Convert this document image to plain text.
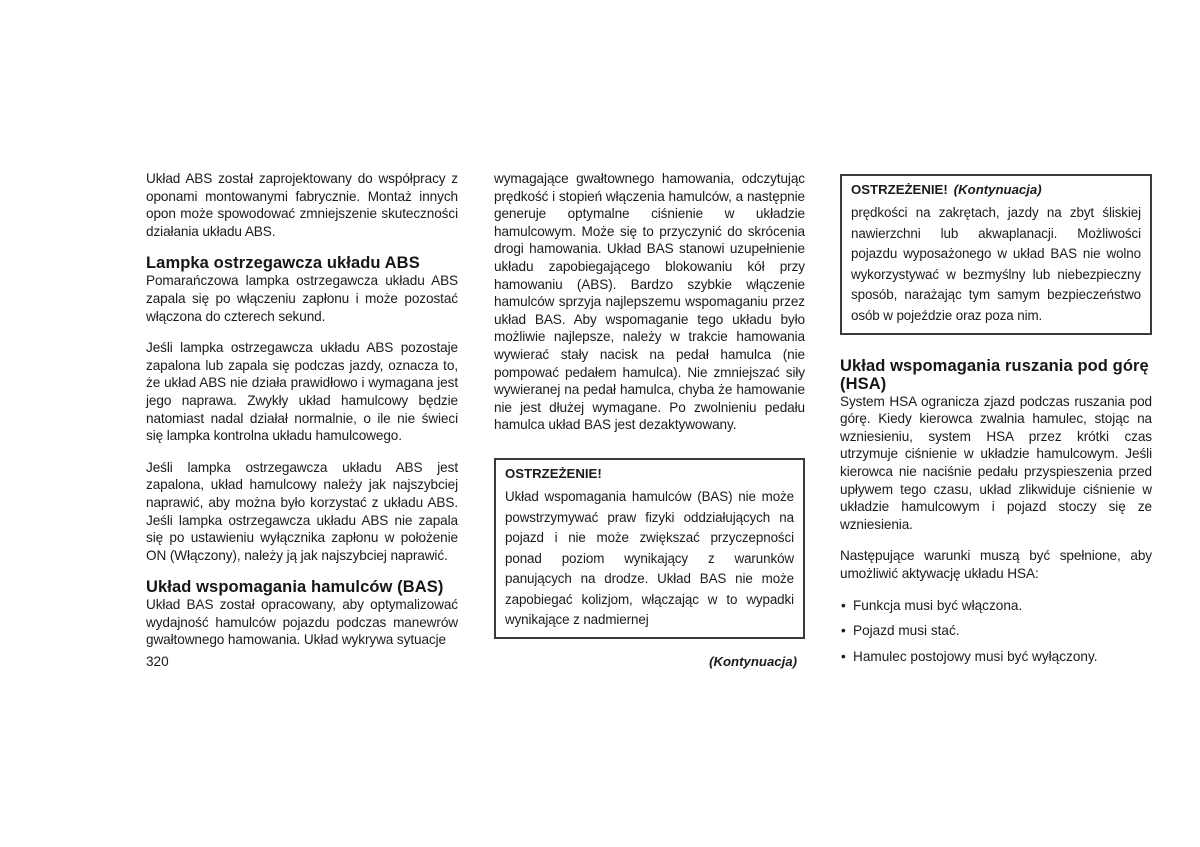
Układ ABS został zaprojektowany do współpracy z oponami montowanymi fabrycznie. Montaż innych opon może spowodować zmniejszenie skuteczności działania układu ABS.

Lampka ostrzegawcza układu ABS

Pomarańczowa lampka ostrzegawcza układu ABS zapala się po włączeniu zapłonu i może pozostać włączona do czterech sekund.

Jeśli lampka ostrzegawcza układu ABS pozostaje zapalona lub zapala się podczas jazdy, oznacza to, że układ ABS nie działa prawidłowo i wymagana jest jego naprawa. Zwykły układ hamulcowy będzie natomiast nadal działał normalnie, o ile nie świeci się lampka kontrolna układu hamulcowego.

Jeśli lampka ostrzegawcza układu ABS jest zapalona, układ hamulcowy należy jak najszybciej naprawić, aby można było korzystać z układu ABS. Jeśli lampka ostrzegawcza układu ABS nie zapala się po ustawieniu wyłącznika zapłonu w położenie ON (Włączony), należy ją jak najszybciej naprawić.

Układ wspomagania hamulców (BAS)

Układ BAS został opracowany, aby optymalizować wydajność hamulców pojazdu podczas manewrów gwałtownego hamowania. Układ wykrywa sytuacje

wymagające gwałtownego hamowania, odczytując prędkość i stopień włączenia hamulców, a następnie generuje optymalne ciśnienie w układzie hamulcowym. Może się to przyczynić do skrócenia drogi hamowania. Układ BAS stanowi uzupełnienie układu zapobiegającego blokowaniu kół przy hamowaniu (ABS). Bardzo szybkie włączenie hamulców sprzyja najlepszemu wspomaganiu przez układ BAS. Aby wspomaganie tego układu było możliwie najlepsze, należy w trakcie hamowania wywierać stały nacisk na pedał hamulca (nie pompować pedałem hamulca). Nie zmniejszać siły wywieranej na pedał hamulca, chyba że hamowanie nie jest dłużej wymagane. Po zwolnieniu pedału hamulca układ BAS jest dezaktywowany.

OSTRZEŻENIE!

Układ wspomagania hamulców (BAS) nie może powstrzymywać praw fizyki oddziałujących na pojazd i nie może zwiększać przyczepności ponad poziom wynikający z warunków panujących na drodze. Układ BAS nie może zapobiegać kolizjom, włączając w to wypadki wynikające z nadmiernej

(Kontynuacja)
OSTRZEŻENIE! (Kontynuacja)

prędkości na zakrętach, jazdy na zbyt śliskiej nawierzchni lub akwaplanacji. Możliwości pojazdu wyposażonego w układ BAS nie wolno wykorzystywać w bezmyślny lub niebezpieczny sposób, narażając tym samym bezpieczeństwo osób w pojeździe oraz poza nim.

Układ wspomagania ruszania pod górę (HSA)

System HSA ogranicza zjazd podczas ruszania pod górę. Kiedy kierowca zwalnia hamulec, stojąc na wzniesieniu, system HSA przez krótki czas utrzymuje ciśnienie w układzie hamulcowym. Jeśli kierowca nie naciśnie pedału przyspieszenia przed upływem tego czasu, układ zlikwiduje ciśnienie w układzie hamulcowym i pojazd stoczy się ze wzniesienia.

Następujące warunki muszą być spełnione, aby umożliwić aktywację układu HSA:

• Funkcja musi być włączona.
• Pojazd musi stać.
• Hamulec postojowy musi być wyłączony.
320
